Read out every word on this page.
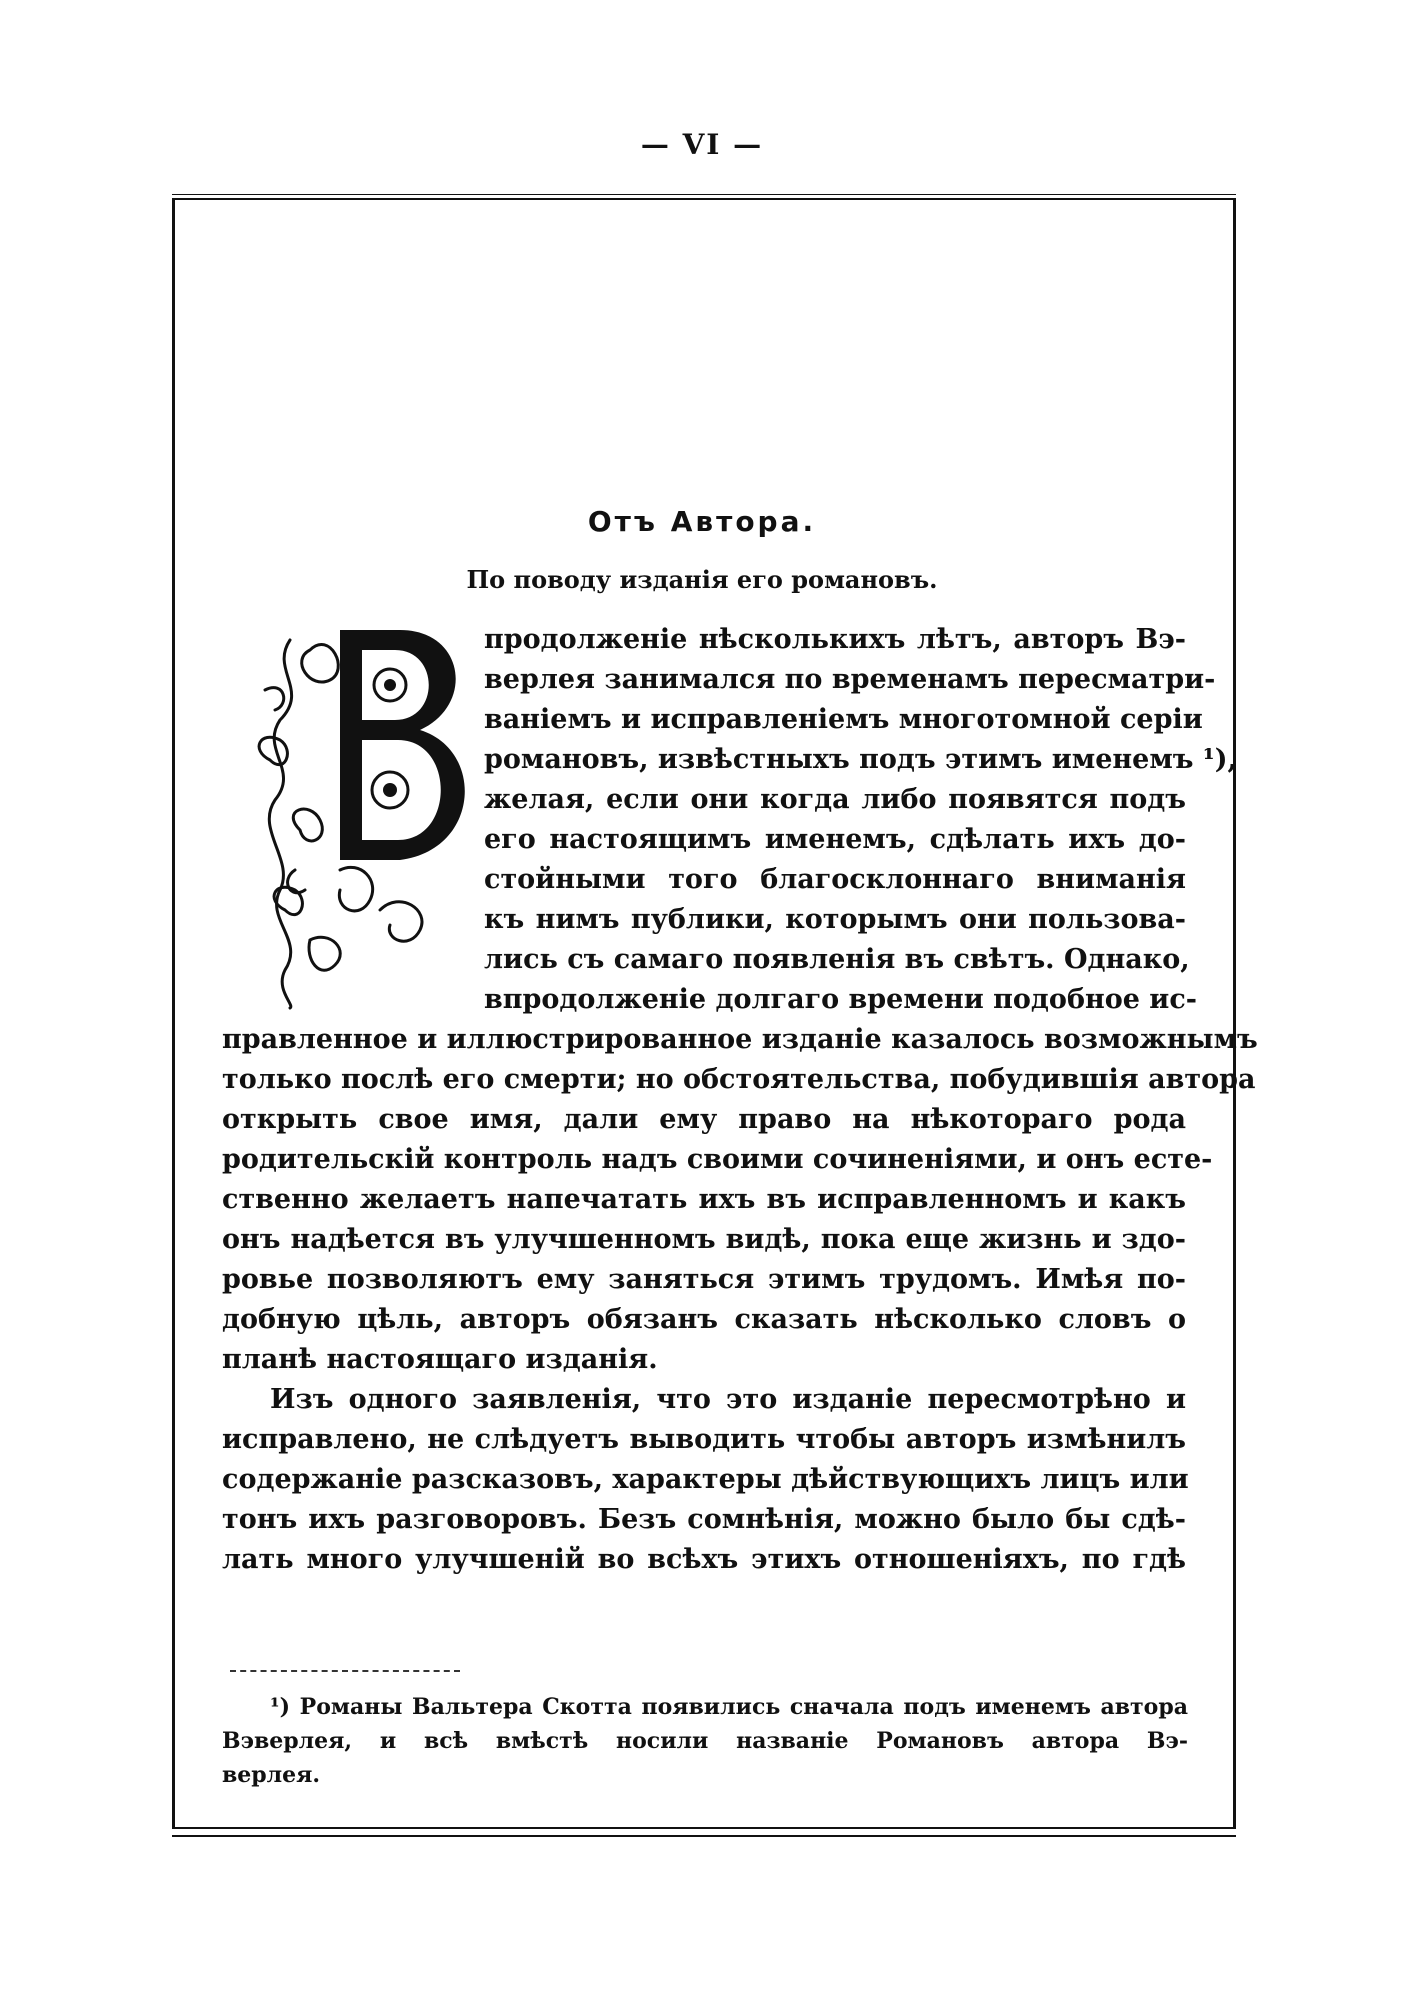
— VI —
Отъ Автора.
По поводу изданія его романовъ.
продолженіе нѣсколькихъ лѣтъ, авторъ Вэ-
верлея занимался по временамъ пересматри-
ваніемъ и исправленіемъ многотомной серіи
романовъ, извѣстныхъ подъ этимъ именемъ ¹),
желая, если они когда либо появятся подъ
его настоящимъ именемъ, сдѣлать ихъ до-
стойными того благосклоннаго вниманія
къ нимъ публики, которымъ они пользова-
лись съ самаго появленія въ свѣтъ. Однако,
впродолженіе долгаго времени подобное ис-
правленное и иллюстрированное изданіе казалось возможнымъ
только послѣ его смерти; но обстоятельства, побудившія автора
открыть свое имя, дали ему право на нѣкотораго рода
родительскій контроль надъ своими сочиненіями, и онъ есте-
ственно желаетъ напечатать ихъ въ исправленномъ и какъ
онъ надѣется въ улучшенномъ видѣ, пока еще жизнь и здо-
ровье позволяютъ ему заняться этимъ трудомъ. Имѣя по-
добную цѣль, авторъ обязанъ сказать нѣсколько словъ о
планѣ настоящаго изданія.
Изъ одного заявленія, что это изданіе пересмотрѣно и
исправлено, не слѣдуетъ выводить чтобы авторъ измѣнилъ
содержаніе разсказовъ, характеры дѣйствующихъ лицъ или
тонъ ихъ разговоровъ. Безъ сомнѣнія, можно было бы сдѣ-
лать много улучшеній во всѣхъ этихъ отношеніяхъ, по гдѣ
¹) Романы Вальтера Скотта появились сначала подъ именемъ автора
Вэверлея, и всѣ вмѣстѣ носили названіе Романовъ автора Вэ-
верлея.
